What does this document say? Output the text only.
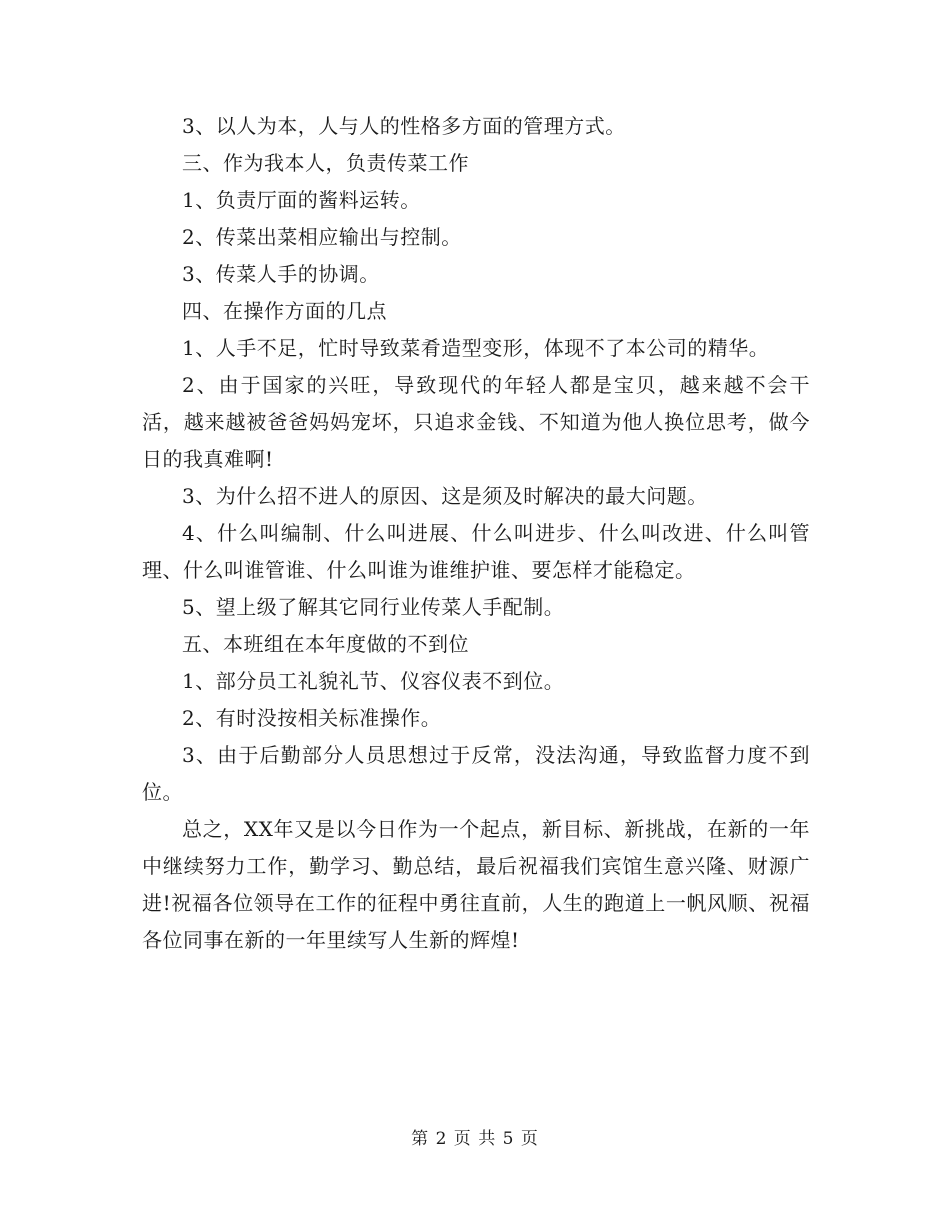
3、以人为本，人与人的性格多方面的管理方式。

三、作为我本人，负责传菜工作

1、负责厅面的酱料运转。

2、传菜出菜相应输出与控制。

3、传菜人手的协调。

四、在操作方面的几点

1、人手不足，忙时导致菜肴造型变形，体现不了本公司的精华。

2、由于国家的兴旺，导致现代的年轻人都是宝贝，越来越不会干活，越来越被爸爸妈妈宠坏，只追求金钱、不知道为他人换位思考，做今日的我真难啊!

3、为什么招不进人的原因、这是须及时解决的最大问题。

4、什么叫编制、什么叫进展、什么叫进步、什么叫改进、什么叫管理、什么叫谁管谁、什么叫谁为谁维护谁、要怎样才能稳定。

5、望上级了解其它同行业传菜人手配制。

五、本班组在本年度做的不到位

1、部分员工礼貌礼节、仪容仪表不到位。

2、有时没按相关标准操作。

3、由于后勤部分人员思想过于反常，没法沟通，导致监督力度不到位。

总之，XX年又是以今日作为一个起点，新目标、新挑战，在新的一年中继续努力工作，勤学习、勤总结，最后祝福我们宾馆生意兴隆、财源广进!祝福各位领导在工作的征程中勇往直前，人生的跑道上一帆风顺、祝福各位同事在新的一年里续写人生新的辉煌!

第 2 页 共 5 页
